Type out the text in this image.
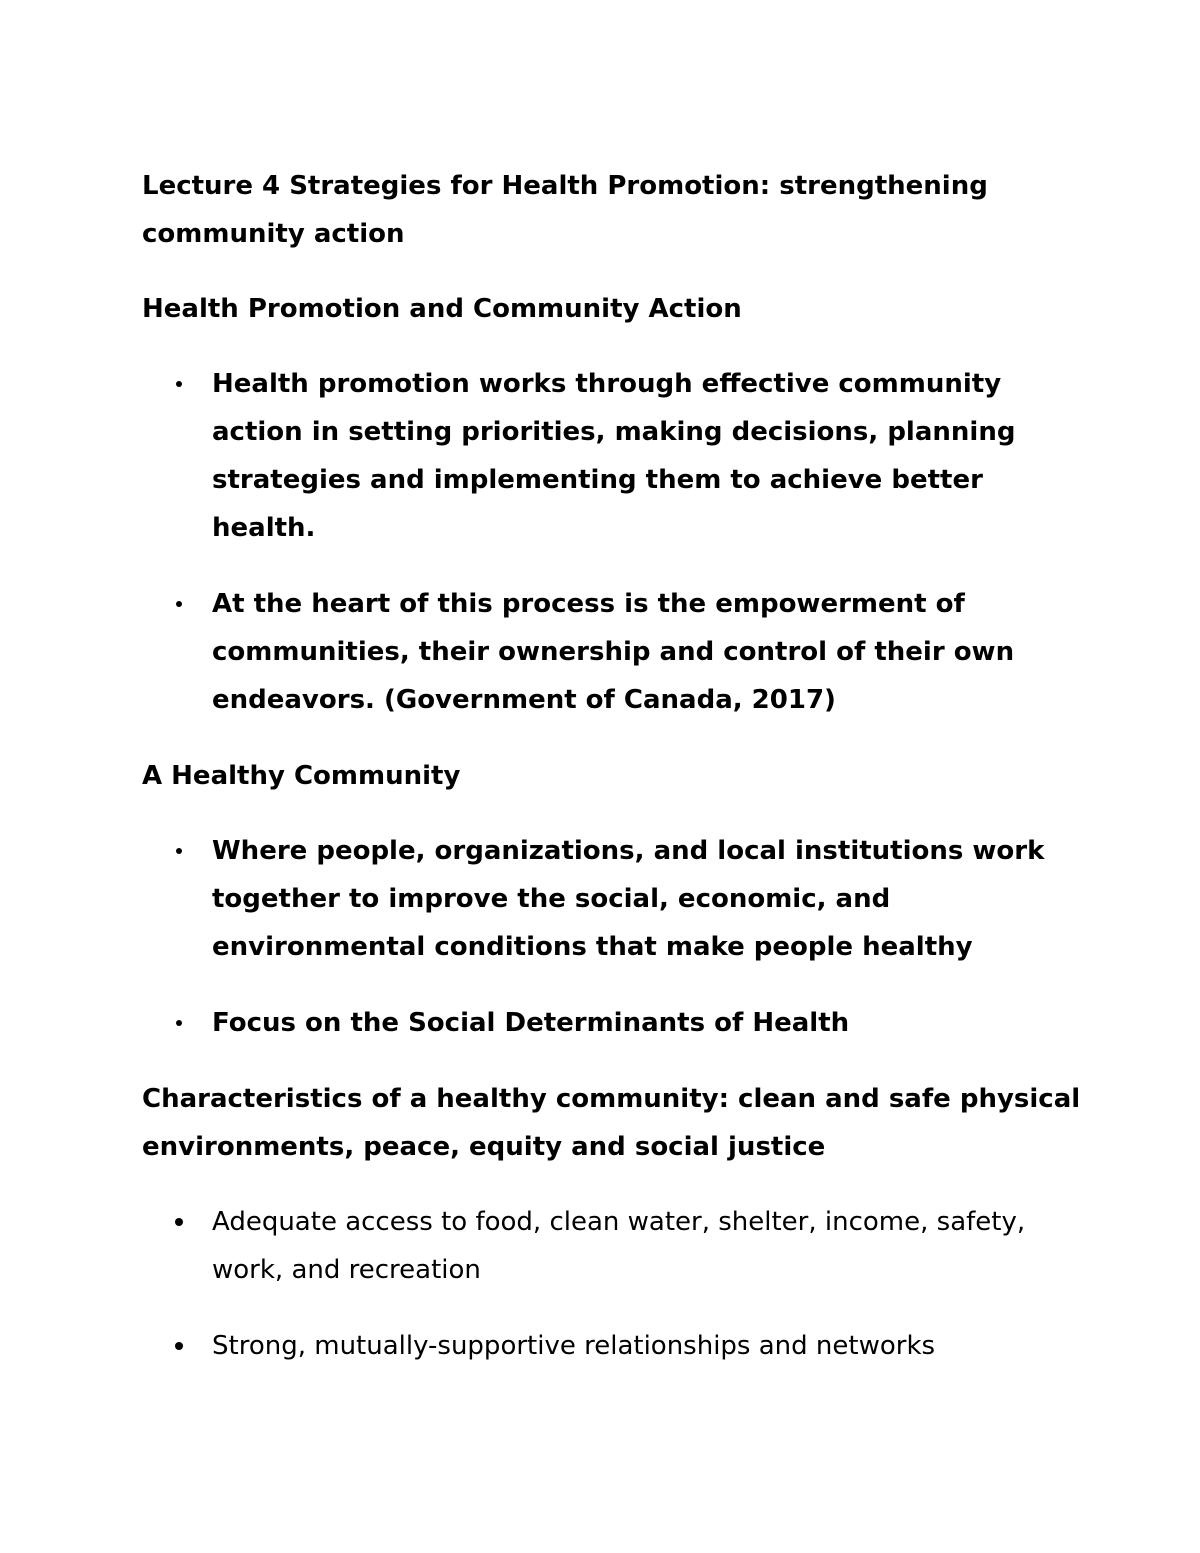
Lecture 4 Strategies for Health Promotion: strengthening community action

Health Promotion and Community Action

Health promotion works through effective community action in setting priorities, making decisions, planning strategies and implementing them to achieve better health.
At the heart of this process is the empowerment of communities, their ownership and control of their own endeavors. (Government of Canada, 2017)

A Healthy Community

Where people, organizations, and local institutions work together to improve the social, economic, and environmental conditions that make people healthy
Focus on the Social Determinants of Health

Characteristics of a healthy community: clean and safe physical environments, peace, equity and social justice

Adequate access to food, clean water, shelter, income, safety, work, and recreation
Strong, mutually-supportive relationships and networks
